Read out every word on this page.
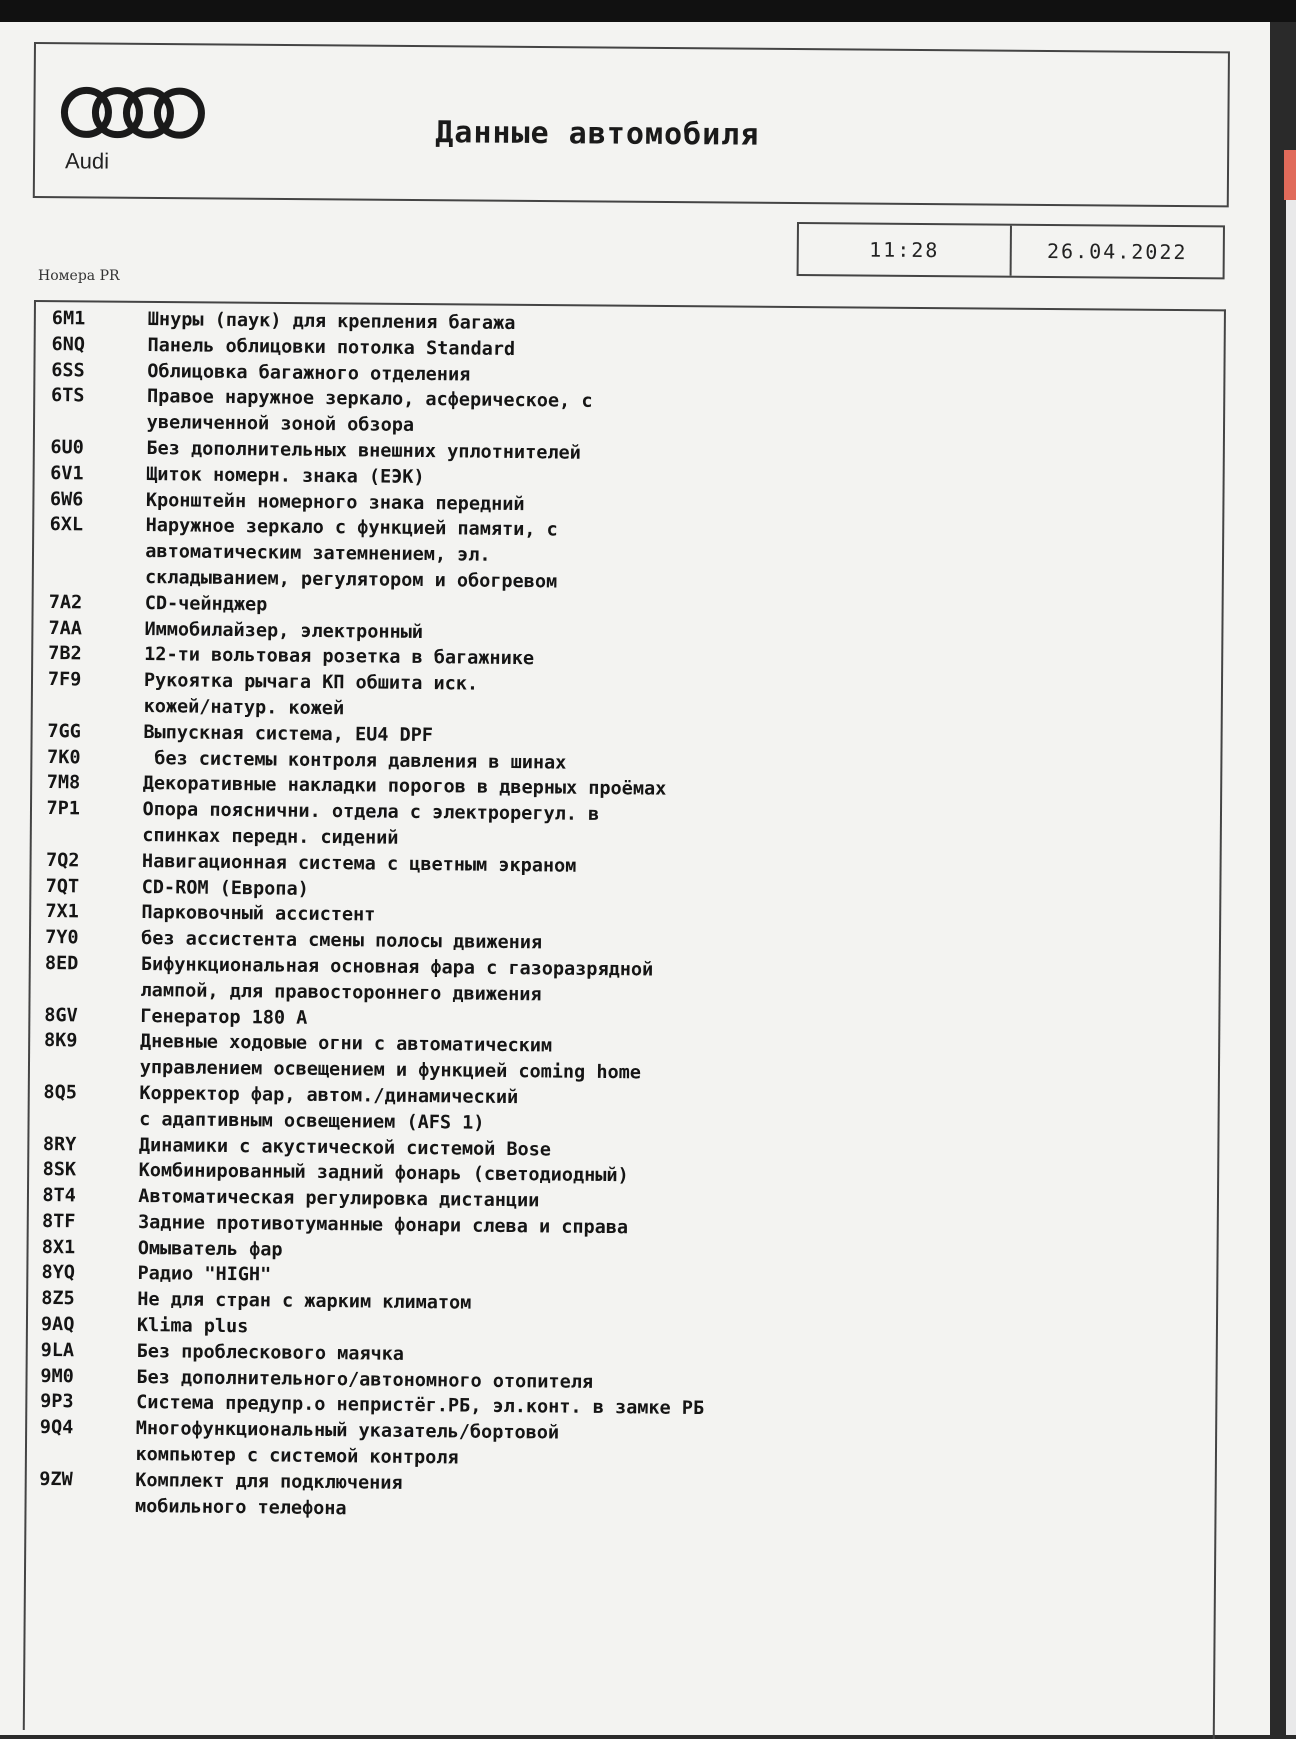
Audi
Данные автомобиля
11:28	26.04.2022
Номера PR
6M1	Шнуры (паук) для крепления багажа
6NQ	Панель облицовки потолка Standard
6SS	Облицовка багажного отделения
6TS	Правое наружное зеркало, асферическое, с
увеличенной зоной обзора
6U0	Без дополнительных внешних уплотнителей
6V1	Щиток номерн. знака (ЕЭК)
6W6	Кронштейн номерного знака передний
6XL	Наружное зеркало с функцией памяти, с
автоматическим затемнением, эл.
складыванием, регулятором и обогревом
7A2	CD-чейнджер
7AA	Иммобилайзер, электронный
7B2	12-ти вольтовая розетка в багажнике
7F9	Рукоятка рычага КП обшита иск.
кожей/натур. кожей
7GG	Выпускная система, EU4 DPF
7K0	без системы контроля давления в шинах
7M8	Декоративные накладки порогов в дверных проёмах
7P1	Опора пояснични. отдела с электрорегул. в
спинках передн. сидений
7Q2	Навигационная система с цветным экраном
7QT	CD-ROM (Европа)
7X1	Парковочный ассистент
7Y0	без ассистента смены полосы движения
8ED	Бифункциональная основная фара с газоразрядной
лампой, для правостороннего движения
8GV	Генератор 180 А
8K9	Дневные ходовые огни с автоматическим
управлением освещением и функцией coming home
8Q5	Корректор фар, автом./динамический
с адаптивным освещением (AFS 1)
8RY	Динамики с акустической системой Bose
8SK	Комбинированный задний фонарь (светодиодный)
8T4	Автоматическая регулировка дистанции
8TF	Задние противотуманные фонари слева и справа
8X1	Омыватель фар
8YQ	Радио "HIGH"
8Z5	Не для стран с жарким климатом
9AQ	Klima plus
9LA	Без проблескового маячка
9M0	Без дополнительного/автономного отопителя
9P3	Система предупр.о непристёг.РБ, эл.конт. в замке РБ
9Q4	Многофункциональный указатель/бортовой
компьютер с системой контроля
9ZW	Комплект для подключения
мобильного телефона
